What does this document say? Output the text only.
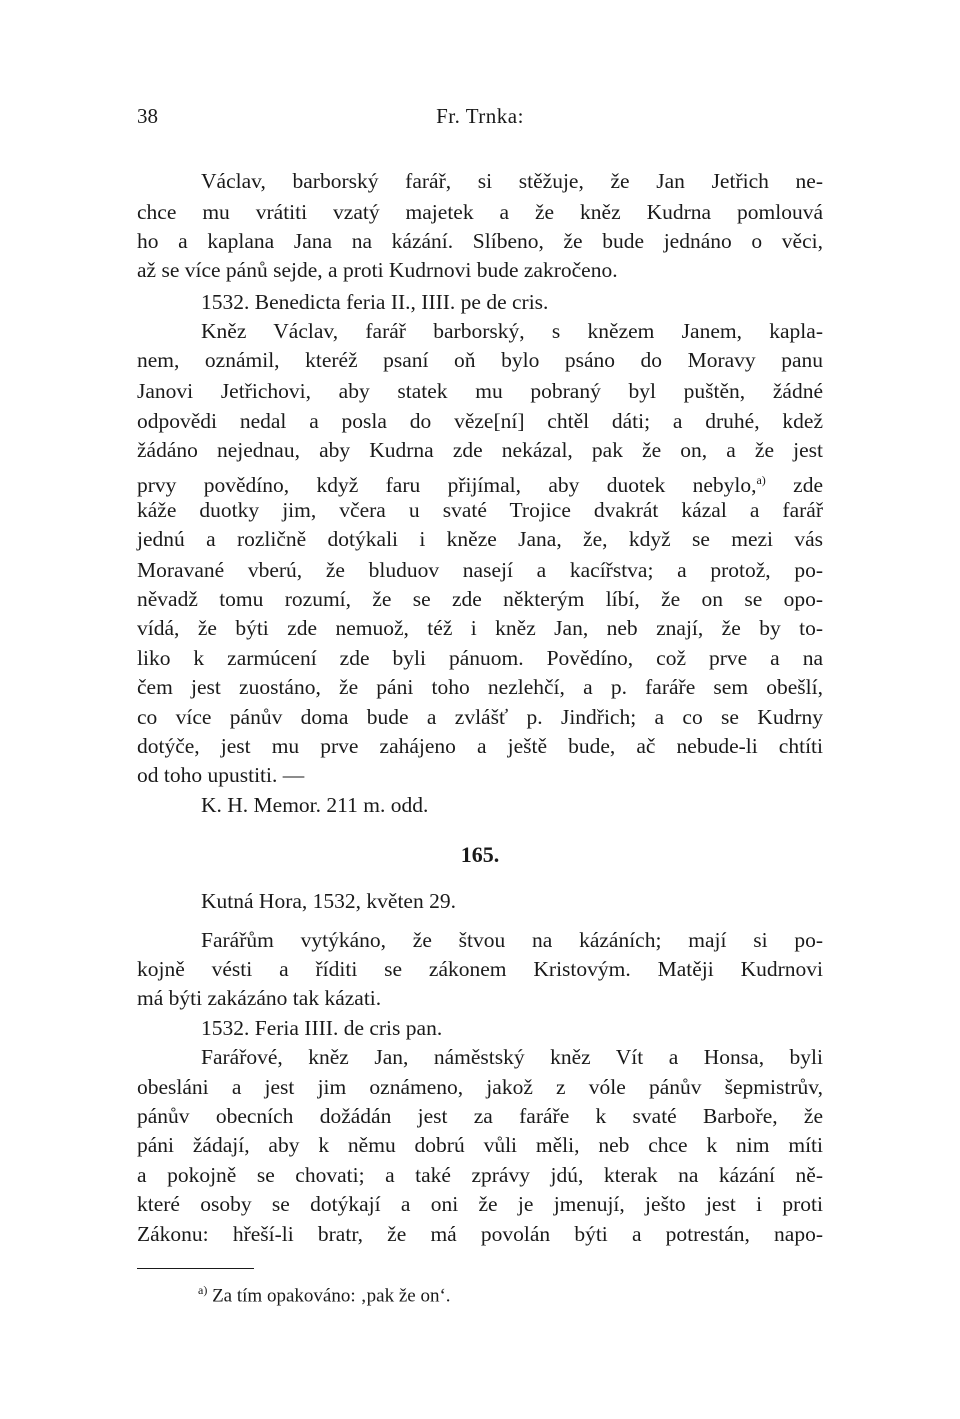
38	Fr. Trnka:
Václav, barborský farář, si stěžuje, že Jan Jetřich ne-
chce mu vrátiti vzatý majetek a že kněz Kudrna pomlouvá
ho a kaplana Jana na kázání. Slíbeno, že bude jednáno o věci,
až se více pánů sejde, a proti Kudrnovi bude zakročeno.
1532. Benedicta feria II., IIII. pe de cris.
Kněz Václav, farář barborský, s knězem Janem, kapla-
nem, oznámil, kteréž psaní oň bylo psáno do Moravy panu
Janovi Jetřichovi, aby statek mu pobraný byl puštěn, žádné
odpovědi nedal a posla do věze[ní] chtěl dáti; a druhé, kdež
žádáno nejednau, aby Kudrna zde nekázal, pak že on, a že jest
prvy povědíno, když faru přijímal, aby duotek nebylo,$^{a)}$ zde
káže duotky jim, včera u svaté Trojice dvakrát kázal a farář
jednú a rozličně dotýkali i kněze Jana, že, když se mezi vás
Moravané vberú, že bluduov nasejí a kacířstva; a protož, po-
něvadž tomu rozumí, že se zde některým líbí, že on se opo-
vídá, že býti zde nemuož, též i kněz Jan, neb znají, že by to-
liko k zarmúcení zde byli pánuom. Povědíno, což prve a na
čem jest zuostáno, že páni toho nezlehčí, a p. faráře sem obešlí,
co více pánův doma bude a zvlášť p. Jindřich; a co se Kudrny
dotýče, jest mu prve zahájeno a ještě bude, ač nebude-li chtíti
od toho upustiti. —
K. H. Memor. 211 m. odd.
165.
Kutná Hora, 1532, květen 29.
Farářům vytýkáno, že štvou na kázáních; mají si po-
kojně vésti a říditi se zákonem Kristovým. Matěji Kudrnovi
má býti zakázáno tak kázati.
1532. Feria IIII. de cris pan.
Farářové, kněz Jan, náměstský kněz Vít a Honsa, byli
obesláni a jest jim oznámeno, jakož z vóle pánův šepmistrův,
pánův obecních dožádán jest za faráře k svaté Barboře, že
páni žádají, aby k němu dobrú vůli měli, neb chce k nim míti
a pokojně se chovati; a také zprávy jdú, kterak na kázání ně-
které osoby se dotýkají a oni že je jmenují, ješto jest i proti
Zákonu: hřeší-li bratr, že má povolán býti a potrestán, napo-
$^{a)}$ Za tím opakováno: ‚pak že on‘.
